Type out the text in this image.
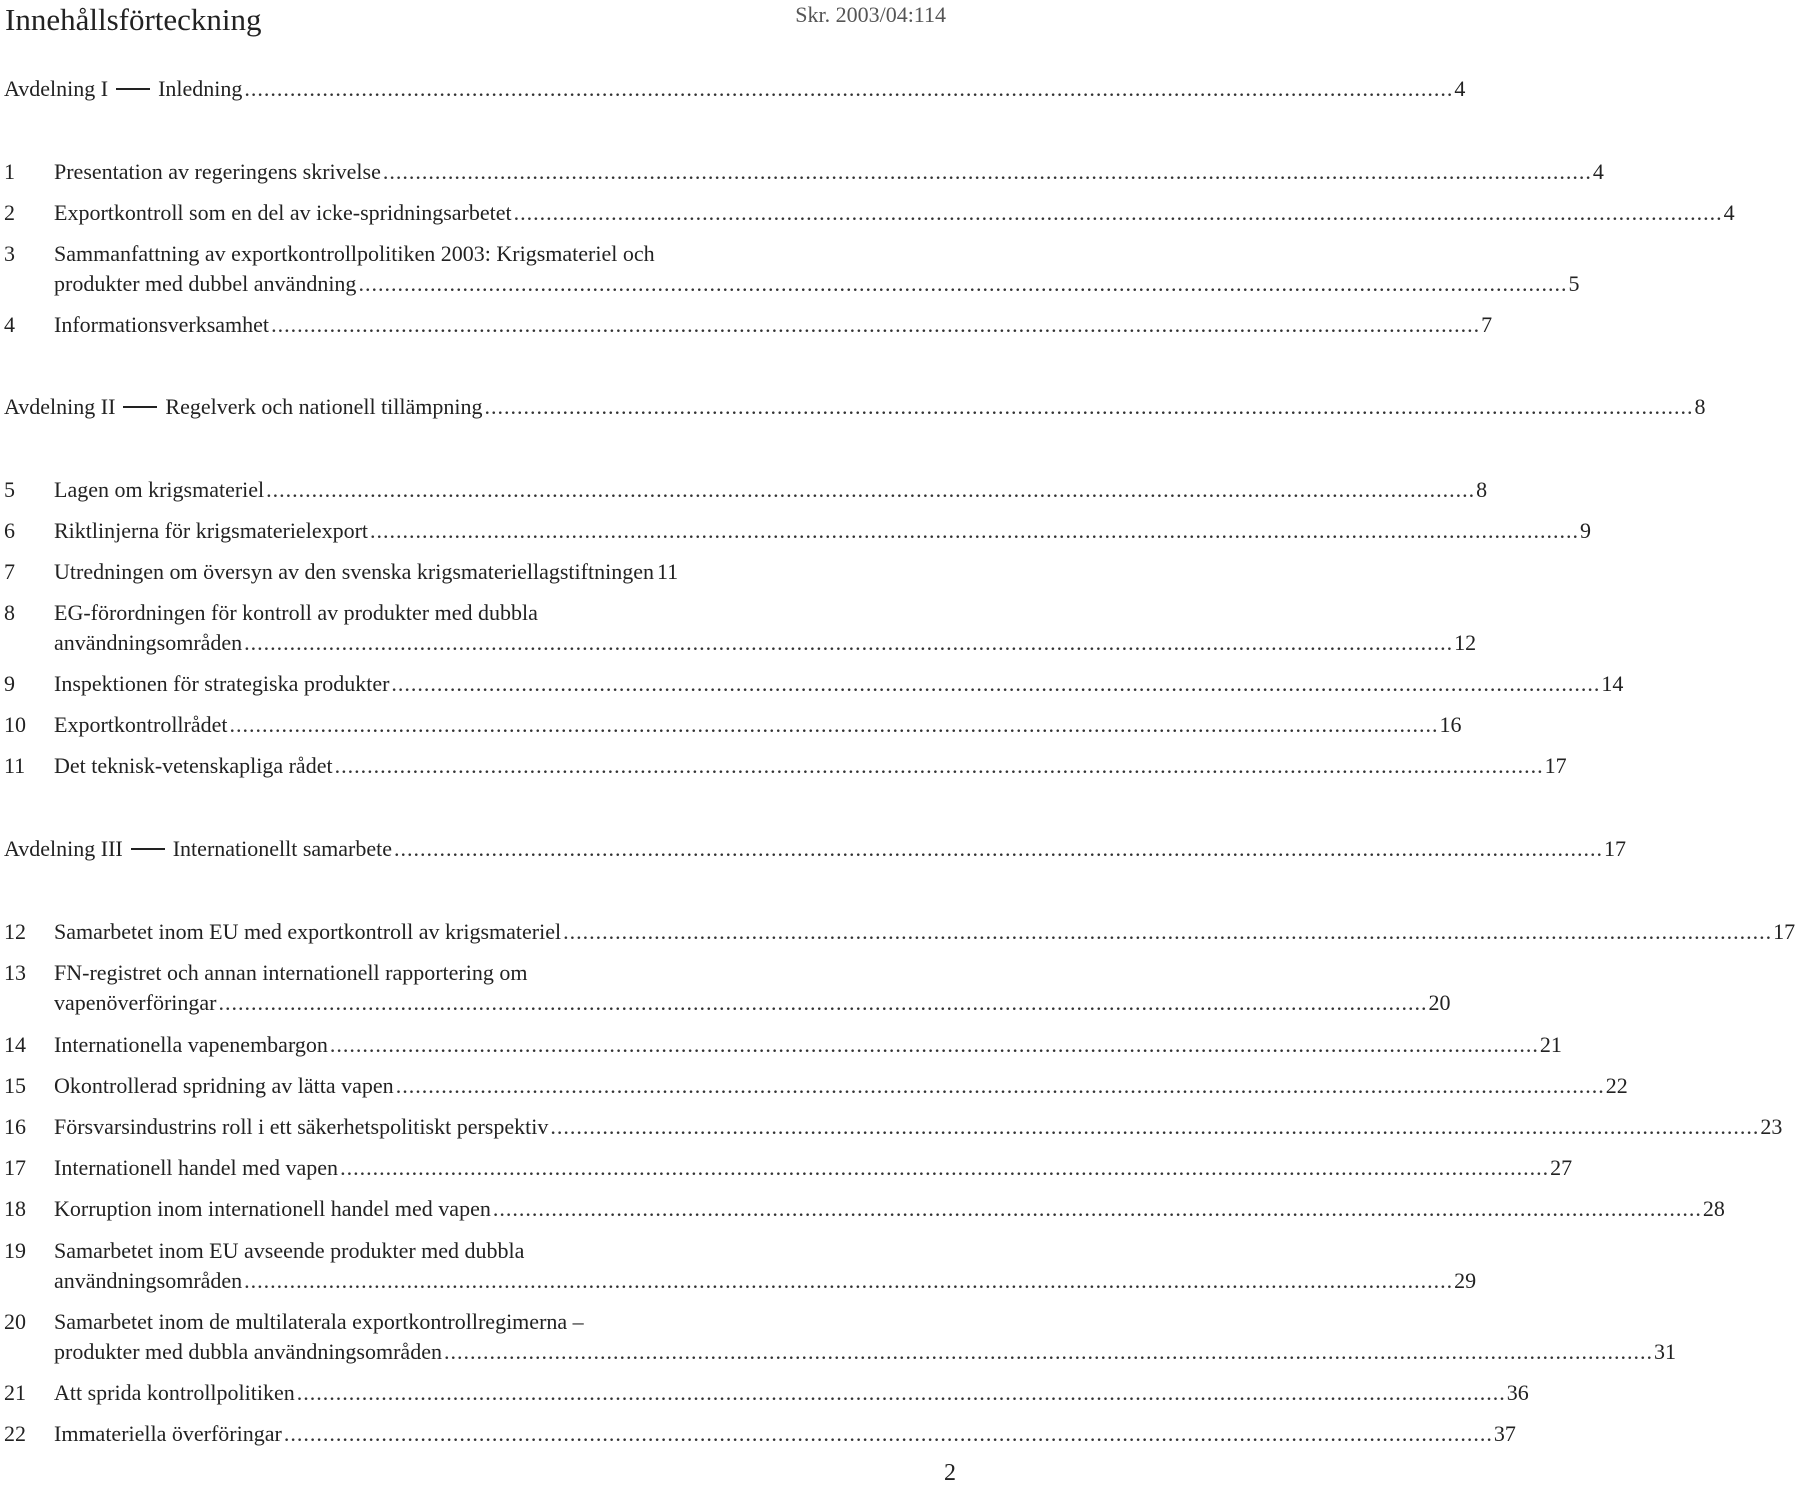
Innehållsförteckning	Skr. 2003/04:114
Avdelning I Inledning .......................................................................................................................................................................................... 4
1 Presentation av regeringens skrivelse .......................................................................................................................................................................................... 4
2 Exportkontroll som en del av icke-spridningsarbetet .......................................................................................................................................................................................... 4
3 Sammanfattning av exportkontrollpolitiken 2003: Krigsmateriel och
produkter med dubbel användning .......................................................................................................................................................................................... 5
4 Informationsverksamhet .......................................................................................................................................................................................... 7
Avdelning II Regelverk och nationell tillämpning .......................................................................................................................................................................................... 8
5 Lagen om krigsmateriel .......................................................................................................................................................................................... 8
6 Riktlinjerna för krigsmaterielexport .......................................................................................................................................................................................... 9
7 Utredningen om översyn av den svenska krigsmateriellagstiftningen 11
8 EG-förordningen för kontroll av produkter med dubbla
användningsområden .......................................................................................................................................................................................... 12
9 Inspektionen för strategiska produkter .......................................................................................................................................................................................... 14
10 Exportkontrollrådet .......................................................................................................................................................................................... 16
11 Det teknisk-vetenskapliga rådet .......................................................................................................................................................................................... 17
Avdelning III Internationellt samarbete .......................................................................................................................................................................................... 17
12 Samarbetet inom EU med exportkontroll av krigsmateriel .......................................................................................................................................................................................... 17
13 FN-registret och annan internationell rapportering om
vapenöverföringar .......................................................................................................................................................................................... 20
14 Internationella vapenembargon .......................................................................................................................................................................................... 21
15 Okontrollerad spridning av lätta vapen .......................................................................................................................................................................................... 22
16 Försvarsindustrins roll i ett säkerhetspolitiskt perspektiv .......................................................................................................................................................................................... 23
17 Internationell handel med vapen .......................................................................................................................................................................................... 27
18 Korruption inom internationell handel med vapen .......................................................................................................................................................................................... 28
19 Samarbetet inom EU avseende produkter med dubbla
användningsområden .......................................................................................................................................................................................... 29
20 Samarbetet inom de multilaterala exportkontrollregimerna –
produkter med dubbla användningsområden .......................................................................................................................................................................................... 31
21 Att sprida kontrollpolitiken .......................................................................................................................................................................................... 36
22 Immateriella överföringar .......................................................................................................................................................................................... 37
2
